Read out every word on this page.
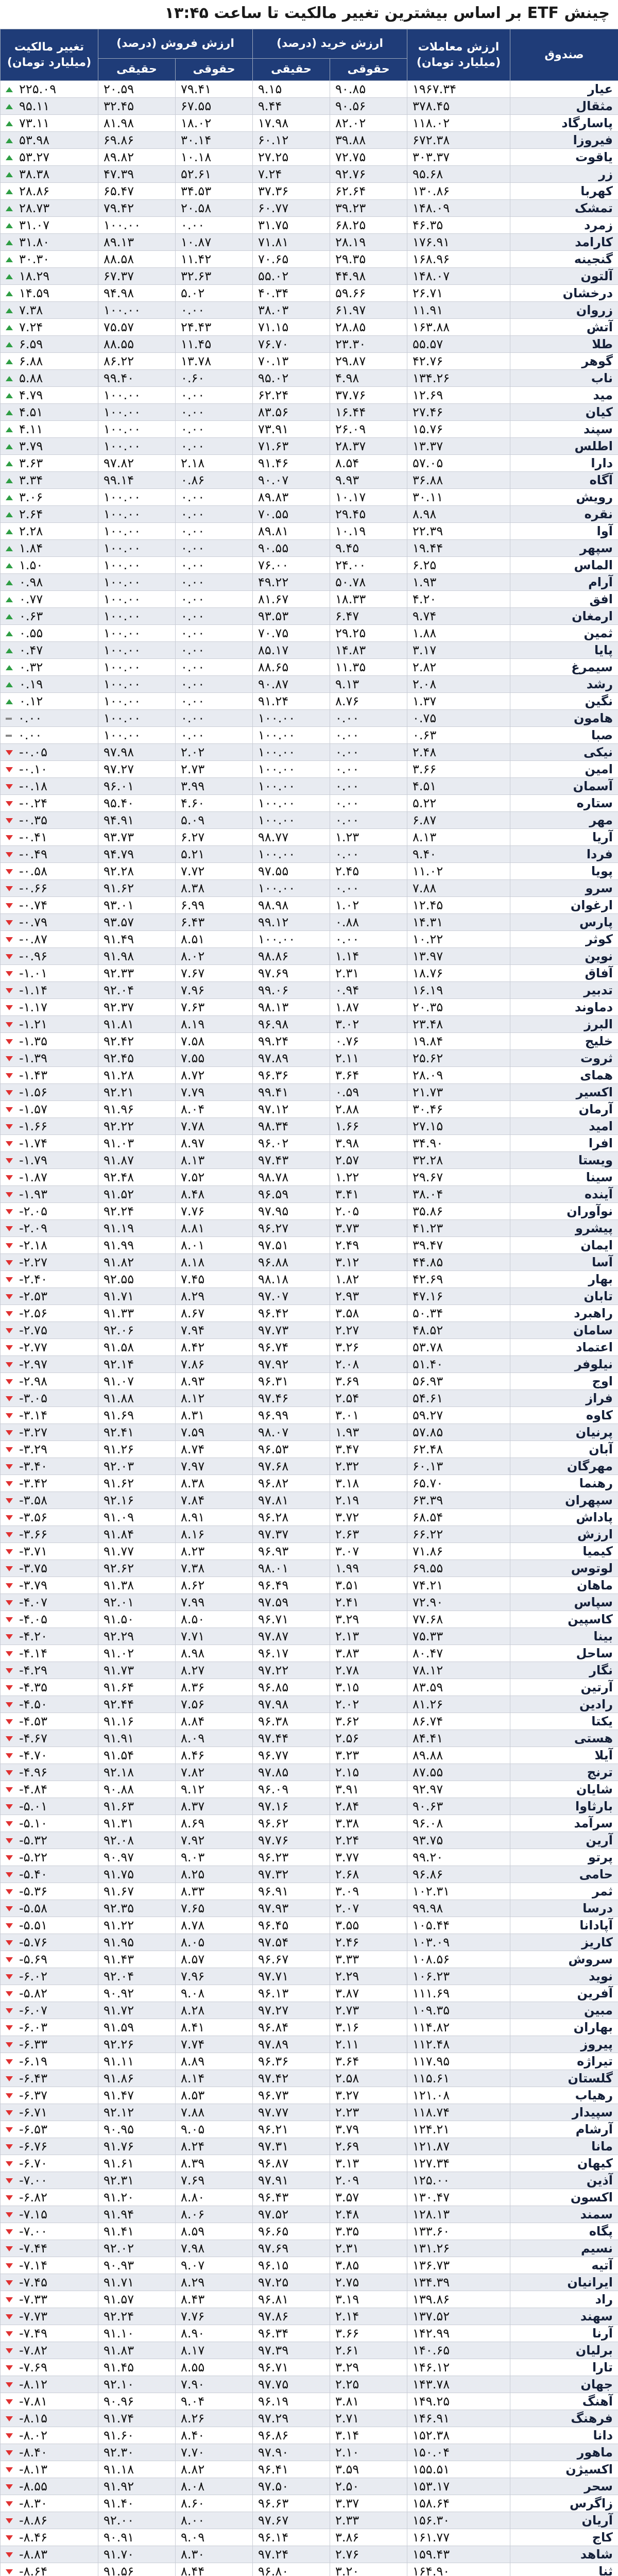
چینش ETF بر اساس بیشترین تغییر مالکیت تا ساعت ۱۳:۴۵
صندوق	ارزش معاملات (میلیارد تومان)	ارزش خرید (درصد)		ارزش فروش (درصد)		تغییر مالکیت (میلیارد تومان)
		حقوقی	حقیقی	حقوقی	حقیقی	
عیار	۱۹۶۷.۳۴	۹۰.۸۵	۹.۱۵	۷۹.۴۱	۲۰.۵۹	۲۲۵.۰۹
مثقال	۳۷۸.۴۵	۹۰.۵۶	۹.۴۴	۶۷.۵۵	۳۲.۴۵	۹۵.۱۱
پاسارگاد	۱۱۸.۰۲	۸۲.۰۲	۱۷.۹۸	۱۸.۰۲	۸۱.۹۸	۷۳.۱۱
فیروزا	۶۷۲.۳۸	۳۹.۸۸	۶۰.۱۲	۳۰.۱۴	۶۹.۸۶	۵۳.۹۸
یاقوت	۳۰۳.۳۷	۷۲.۷۵	۲۷.۲۵	۱۰.۱۸	۸۹.۸۲	۵۳.۲۷
زر	۹۵.۶۸	۹۲.۷۶	۷.۲۴	۵۲.۶۱	۴۷.۳۹	۳۸.۳۸
کهربا	۱۳۰.۸۶	۶۲.۶۴	۳۷.۳۶	۳۴.۵۳	۶۵.۴۷	۲۸.۸۶
تمشک	۱۴۸.۰۹	۳۹.۲۳	۶۰.۷۷	۲۰.۵۸	۷۹.۴۲	۲۸.۷۳
زمرد	۴۶.۳۵	۶۸.۲۵	۳۱.۷۵	۰.۰۰	۱۰۰.۰۰	۳۱.۰۷
کارامد	۱۷۶.۹۱	۲۸.۱۹	۷۱.۸۱	۱۰.۸۷	۸۹.۱۳	۳۱.۸۰
گنجینه	۱۶۸.۹۶	۲۹.۳۵	۷۰.۶۵	۱۱.۴۲	۸۸.۵۸	۳۰.۳۰
آلتون	۱۴۸.۰۷	۴۴.۹۸	۵۵.۰۲	۳۲.۶۳	۶۷.۳۷	۱۸.۲۹
درخشان	۲۶.۷۱	۵۹.۶۶	۴۰.۳۴	۵.۰۲	۹۴.۹۸	۱۴.۵۹
زروان	۱۱.۹۱	۶۱.۹۷	۳۸.۰۳	۰.۰۰	۱۰۰.۰۰	۷.۳۸
آتش	۱۶۳.۸۸	۲۸.۸۵	۷۱.۱۵	۲۴.۴۳	۷۵.۵۷	۷.۲۴
طلا	۵۵.۵۷	۲۳.۳۰	۷۶.۷۰	۱۱.۴۵	۸۸.۵۵	۶.۵۹
گوهر	۴۲.۷۶	۲۹.۸۷	۷۰.۱۳	۱۳.۷۸	۸۶.۲۲	۶.۸۸
ناب	۱۳۴.۲۶	۴.۹۸	۹۵.۰۲	۰.۶۰	۹۹.۴۰	۵.۸۸
مید	۱۲.۶۹	۳۷.۷۶	۶۲.۲۴	۰.۰۰	۱۰۰.۰۰	۴.۷۹
کیان	۲۷.۴۶	۱۶.۴۴	۸۳.۵۶	۰.۰۰	۱۰۰.۰۰	۴.۵۱
سپند	۱۵.۷۶	۲۶.۰۹	۷۳.۹۱	۰.۰۰	۱۰۰.۰۰	۴.۱۱
اطلس	۱۳.۳۷	۲۸.۳۷	۷۱.۶۳	۰.۰۰	۱۰۰.۰۰	۳.۷۹
دارا	۵۷.۰۵	۸.۵۴	۹۱.۴۶	۲.۱۸	۹۷.۸۲	۳.۶۳
آگاه	۳۶.۸۸	۹.۹۳	۹۰.۰۷	۰.۸۶	۹۹.۱۴	۳.۳۴
رویش	۳۰.۱۱	۱۰.۱۷	۸۹.۸۳	۰.۰۰	۱۰۰.۰۰	۳.۰۶
نقره	۸.۹۸	۲۹.۴۵	۷۰.۵۵	۰.۰۰	۱۰۰.۰۰	۲.۶۴
آوا	۲۲.۳۹	۱۰.۱۹	۸۹.۸۱	۰.۰۰	۱۰۰.۰۰	۲.۲۸
سپهر	۱۹.۴۴	۹.۴۵	۹۰.۵۵	۰.۰۰	۱۰۰.۰۰	۱.۸۴
الماس	۶.۲۵	۲۴.۰۰	۷۶.۰۰	۰.۰۰	۱۰۰.۰۰	۱.۵۰
آرام	۱.۹۳	۵۰.۷۸	۴۹.۲۲	۰.۰۰	۱۰۰.۰۰	۰.۹۸
افق	۴.۲۰	۱۸.۳۳	۸۱.۶۷	۰.۰۰	۱۰۰.۰۰	۰.۷۷
ارمغان	۹.۷۴	۶.۴۷	۹۳.۵۳	۰.۰۰	۱۰۰.۰۰	۰.۶۳
ثمین	۱.۸۸	۲۹.۲۵	۷۰.۷۵	۰.۰۰	۱۰۰.۰۰	۰.۵۵
پایا	۳.۱۷	۱۴.۸۳	۸۵.۱۷	۰.۰۰	۱۰۰.۰۰	۰.۴۷
سیمرغ	۲.۸۲	۱۱.۳۵	۸۸.۶۵	۰.۰۰	۱۰۰.۰۰	۰.۳۲
رشد	۲.۰۸	۹.۱۳	۹۰.۸۷	۰.۰۰	۱۰۰.۰۰	۰.۱۹
نگین	۱.۳۷	۸.۷۶	۹۱.۲۴	۰.۰۰	۱۰۰.۰۰	۰.۱۲
هامون	۰.۷۵	۰.۰۰	۱۰۰.۰۰	۰.۰۰	۱۰۰.۰۰	۰.۰۰
صبا	۰.۶۳	۰.۰۰	۱۰۰.۰۰	۰.۰۰	۱۰۰.۰۰	۰.۰۰
نیکی	۲.۴۸	۰.۰۰	۱۰۰.۰۰	۲.۰۲	۹۷.۹۸	-۰.۰۵
امین	۳.۶۶	۰.۰۰	۱۰۰.۰۰	۲.۷۳	۹۷.۲۷	-۰.۱۰
آسمان	۴.۵۱	۰.۰۰	۱۰۰.۰۰	۳.۹۹	۹۶.۰۱	-۰.۱۸
ستاره	۵.۲۲	۰.۰۰	۱۰۰.۰۰	۴.۶۰	۹۵.۴۰	-۰.۲۴
مهر	۶.۸۷	۰.۰۰	۱۰۰.۰۰	۵.۰۹	۹۴.۹۱	-۰.۳۵
آریا	۸.۱۳	۱.۲۳	۹۸.۷۷	۶.۲۷	۹۳.۷۳	-۰.۴۱
فردا	۹.۴۰	۰.۰۰	۱۰۰.۰۰	۵.۲۱	۹۴.۷۹	-۰.۴۹
پویا	۱۱.۰۲	۲.۴۵	۹۷.۵۵	۷.۷۲	۹۲.۲۸	-۰.۵۸
سرو	۷.۸۸	۰.۰۰	۱۰۰.۰۰	۸.۳۸	۹۱.۶۲	-۰.۶۶
ارغوان	۱۲.۴۵	۱.۰۲	۹۸.۹۸	۶.۹۹	۹۳.۰۱	-۰.۷۴
پارس	۱۴.۳۱	۰.۸۸	۹۹.۱۲	۶.۴۳	۹۳.۵۷	-۰.۷۹
کوثر	۱۰.۲۲	۰.۰۰	۱۰۰.۰۰	۸.۵۱	۹۱.۴۹	-۰.۸۷
نوین	۱۳.۹۷	۱.۱۴	۹۸.۸۶	۸.۰۲	۹۱.۹۸	-۰.۹۶
آفاق	۱۸.۷۶	۲.۳۱	۹۷.۶۹	۷.۶۷	۹۲.۳۳	-۱.۰۱
تدبیر	۱۶.۱۹	۰.۹۴	۹۹.۰۶	۷.۹۶	۹۲.۰۴	-۱.۱۴
دماوند	۲۰.۳۵	۱.۸۷	۹۸.۱۳	۷.۶۳	۹۲.۳۷	-۱.۱۷
البرز	۲۳.۴۸	۳.۰۲	۹۶.۹۸	۸.۱۹	۹۱.۸۱	-۱.۲۱
خلیج	۱۹.۸۴	۰.۷۶	۹۹.۲۴	۷.۵۸	۹۲.۴۲	-۱.۳۵
ثروت	۲۵.۶۲	۲.۱۱	۹۷.۸۹	۷.۵۵	۹۲.۴۵	-۱.۳۹
همای	۲۸.۰۹	۳.۶۴	۹۶.۳۶	۸.۷۲	۹۱.۲۸	-۱.۴۳
اکسیر	۲۱.۷۳	۰.۵۹	۹۹.۴۱	۷.۷۹	۹۲.۲۱	-۱.۵۶
آرمان	۳۰.۴۶	۲.۸۸	۹۷.۱۲	۸.۰۴	۹۱.۹۶	-۱.۵۷
امید	۲۷.۱۵	۱.۶۶	۹۸.۳۴	۷.۷۸	۹۲.۲۲	-۱.۶۶
افرا	۳۴.۹۰	۳.۹۸	۹۶.۰۲	۸.۹۷	۹۱.۰۳	-۱.۷۴
ویستا	۳۲.۲۸	۲.۵۷	۹۷.۴۳	۸.۱۳	۹۱.۸۷	-۱.۷۹
سینا	۲۹.۶۷	۱.۲۲	۹۸.۷۸	۷.۵۲	۹۲.۴۸	-۱.۸۷
آینده	۳۸.۰۴	۳.۴۱	۹۶.۵۹	۸.۴۸	۹۱.۵۲	-۱.۹۳
نوآوران	۳۵.۸۶	۲.۰۵	۹۷.۹۵	۷.۷۶	۹۲.۲۴	-۲.۰۵
پیشرو	۴۱.۲۳	۳.۷۳	۹۶.۲۷	۸.۸۱	۹۱.۱۹	-۲.۰۹
ایمان	۳۹.۴۷	۲.۴۹	۹۷.۵۱	۸.۰۱	۹۱.۹۹	-۲.۱۸
آسا	۴۴.۸۵	۳.۱۲	۹۶.۸۸	۸.۱۸	۹۱.۸۲	-۲.۲۷
بهار	۴۲.۶۹	۱.۸۲	۹۸.۱۸	۷.۴۵	۹۲.۵۵	-۲.۴۰
تابان	۴۷.۱۶	۲.۹۳	۹۷.۰۷	۸.۲۹	۹۱.۷۱	-۲.۵۳
راهبرد	۵۰.۳۴	۳.۵۸	۹۶.۴۲	۸.۶۷	۹۱.۳۳	-۲.۵۶
سامان	۴۸.۵۲	۲.۲۷	۹۷.۷۳	۷.۹۴	۹۲.۰۶	-۲.۷۵
اعتماد	۵۳.۷۸	۳.۲۶	۹۶.۷۴	۸.۴۲	۹۱.۵۸	-۲.۷۷
نیلوفر	۵۱.۴۰	۲.۰۸	۹۷.۹۲	۷.۸۶	۹۲.۱۴	-۲.۹۷
اوج	۵۶.۹۳	۳.۶۹	۹۶.۳۱	۸.۹۳	۹۱.۰۷	-۲.۹۸
فراز	۵۴.۶۱	۲.۵۴	۹۷.۴۶	۸.۱۲	۹۱.۸۸	-۳.۰۵
کاوه	۵۹.۲۷	۳.۰۱	۹۶.۹۹	۸.۳۱	۹۱.۶۹	-۳.۱۴
پرنیان	۵۷.۸۵	۱.۹۳	۹۸.۰۷	۷.۵۹	۹۲.۴۱	-۳.۲۷
آبان	۶۲.۴۸	۳.۴۷	۹۶.۵۳	۸.۷۴	۹۱.۲۶	-۳.۲۹
مهرگان	۶۰.۱۳	۲.۳۲	۹۷.۶۸	۷.۹۷	۹۲.۰۳	-۳.۴۰
رهنما	۶۵.۷۰	۳.۱۸	۹۶.۸۲	۸.۳۸	۹۱.۶۲	-۳.۴۲
سپهران	۶۳.۳۹	۲.۱۹	۹۷.۸۱	۷.۸۴	۹۲.۱۶	-۳.۵۸
پاداش	۶۸.۵۴	۳.۷۲	۹۶.۲۸	۸.۹۱	۹۱.۰۹	-۳.۵۶
ارزش	۶۶.۲۲	۲.۶۳	۹۷.۳۷	۸.۱۶	۹۱.۸۴	-۳.۶۶
کیمیا	۷۱.۸۶	۳.۰۷	۹۶.۹۳	۸.۲۳	۹۱.۷۷	-۳.۷۱
لوتوس	۶۹.۵۵	۱.۹۹	۹۸.۰۱	۷.۳۸	۹۲.۶۲	-۳.۷۵
ماهان	۷۴.۲۱	۳.۵۱	۹۶.۴۹	۸.۶۲	۹۱.۳۸	-۳.۷۹
سپاس	۷۲.۹۰	۲.۴۱	۹۷.۵۹	۷.۹۹	۹۲.۰۱	-۴.۰۷
کاسپین	۷۷.۶۸	۳.۲۹	۹۶.۷۱	۸.۵۰	۹۱.۵۰	-۴.۰۵
بینا	۷۵.۳۳	۲.۱۳	۹۷.۸۷	۷.۷۱	۹۲.۲۹	-۴.۲۰
ساحل	۸۰.۴۷	۳.۸۳	۹۶.۱۷	۸.۹۸	۹۱.۰۲	-۴.۱۴
نگار	۷۸.۱۲	۲.۷۸	۹۷.۲۲	۸.۲۷	۹۱.۷۳	-۴.۲۹
آرتین	۸۳.۵۹	۳.۱۵	۹۶.۸۵	۸.۳۶	۹۱.۶۴	-۴.۳۵
رادین	۸۱.۲۶	۲.۰۲	۹۷.۹۸	۷.۵۶	۹۲.۴۴	-۴.۵۰
یکتا	۸۶.۷۴	۳.۶۲	۹۶.۳۸	۸.۸۴	۹۱.۱۶	-۴.۵۳
هستی	۸۴.۴۱	۲.۵۶	۹۷.۴۴	۸.۰۹	۹۱.۹۱	-۴.۶۷
آیلا	۸۹.۸۸	۳.۲۳	۹۶.۷۷	۸.۴۶	۹۱.۵۴	-۴.۷۰
ترنج	۸۷.۵۵	۲.۱۵	۹۷.۸۵	۷.۸۲	۹۲.۱۸	-۴.۹۶
شایان	۹۲.۹۷	۳.۹۱	۹۶.۰۹	۹.۱۲	۹۰.۸۸	-۴.۸۴
بارثاوا	۹۰.۶۳	۲.۸۴	۹۷.۱۶	۸.۳۷	۹۱.۶۳	-۵.۰۱
سرآمد	۹۶.۰۸	۳.۳۸	۹۶.۶۲	۸.۶۹	۹۱.۳۱	-۵.۱۰
آرین	۹۳.۷۵	۲.۲۴	۹۷.۷۶	۷.۹۲	۹۲.۰۸	-۵.۳۲
پرتو	۹۹.۲۰	۳.۷۷	۹۶.۲۳	۹.۰۳	۹۰.۹۷	-۵.۲۲
حامی	۹۶.۸۶	۲.۶۸	۹۷.۳۲	۸.۲۵	۹۱.۷۵	-۵.۴۰
ثمر	۱۰۲.۳۱	۳.۰۹	۹۶.۹۱	۸.۳۳	۹۱.۶۷	-۵.۳۶
درسا	۹۹.۹۸	۲.۰۷	۹۷.۹۳	۷.۶۵	۹۲.۳۵	-۵.۵۸
آپادانا	۱۰۵.۴۴	۳.۵۵	۹۶.۴۵	۸.۷۸	۹۱.۲۲	-۵.۵۱
کاریز	۱۰۳.۰۹	۲.۴۶	۹۷.۵۴	۸.۰۵	۹۱.۹۵	-۵.۷۶
سروش	۱۰۸.۵۶	۳.۳۳	۹۶.۶۷	۸.۵۷	۹۱.۴۳	-۵.۶۹
نوید	۱۰۶.۲۳	۲.۲۹	۹۷.۷۱	۷.۹۶	۹۲.۰۴	-۶.۰۲
آفرین	۱۱۱.۶۹	۳.۸۷	۹۶.۱۳	۹.۰۸	۹۰.۹۲	-۵.۸۲
مبین	۱۰۹.۳۵	۲.۷۳	۹۷.۲۷	۸.۲۸	۹۱.۷۲	-۶.۰۷
بهاران	۱۱۴.۸۲	۳.۱۶	۹۶.۸۴	۸.۴۱	۹۱.۵۹	-۶.۰۳
پیروز	۱۱۲.۴۸	۲.۱۱	۹۷.۸۹	۷.۷۴	۹۲.۲۶	-۶.۳۳
تیراژه	۱۱۷.۹۵	۳.۶۴	۹۶.۳۶	۸.۸۹	۹۱.۱۱	-۶.۱۹
گلستان	۱۱۵.۶۱	۲.۵۸	۹۷.۴۲	۸.۱۴	۹۱.۸۶	-۶.۴۳
رهیاب	۱۲۱.۰۸	۳.۲۷	۹۶.۷۳	۸.۵۳	۹۱.۴۷	-۶.۳۷
سپیدار	۱۱۸.۷۴	۲.۲۳	۹۷.۷۷	۷.۸۸	۹۲.۱۲	-۶.۷۱
آرشام	۱۲۴.۲۱	۳.۷۹	۹۶.۲۱	۹.۰۵	۹۰.۹۵	-۶.۵۳
مانا	۱۲۱.۸۷	۲.۶۹	۹۷.۳۱	۸.۲۴	۹۱.۷۶	-۶.۷۶
کیهان	۱۲۷.۳۴	۳.۱۳	۹۶.۸۷	۸.۳۹	۹۱.۶۱	-۶.۷۰
آذین	۱۲۵.۰۰	۲.۰۹	۹۷.۹۱	۷.۶۹	۹۲.۳۱	-۷.۰۰
اکسون	۱۳۰.۴۷	۳.۵۷	۹۶.۴۳	۸.۸۰	۹۱.۲۰	-۶.۸۲
سمند	۱۲۸.۱۳	۲.۴۸	۹۷.۵۲	۸.۰۶	۹۱.۹۴	-۷.۱۵
پگاه	۱۳۳.۶۰	۳.۳۵	۹۶.۶۵	۸.۵۹	۹۱.۴۱	-۷.۰۰
نسیم	۱۳۱.۲۶	۲.۳۱	۹۷.۶۹	۷.۹۸	۹۲.۰۲	-۷.۴۴
آتیه	۱۳۶.۷۳	۳.۸۵	۹۶.۱۵	۹.۰۷	۹۰.۹۳	-۷.۱۴
ایرانیان	۱۳۴.۳۹	۲.۷۵	۹۷.۲۵	۸.۲۹	۹۱.۷۱	-۷.۴۵
راد	۱۳۹.۸۶	۳.۱۹	۹۶.۸۱	۸.۴۳	۹۱.۵۷	-۷.۳۳
سهند	۱۳۷.۵۲	۲.۱۴	۹۷.۸۶	۷.۷۶	۹۲.۲۴	-۷.۷۳
آرنا	۱۴۲.۹۹	۳.۶۶	۹۶.۳۴	۸.۹۰	۹۱.۱۰	-۷.۴۹
برلیان	۱۴۰.۶۵	۲.۶۱	۹۷.۳۹	۸.۱۷	۹۱.۸۳	-۷.۸۲
تارا	۱۴۶.۱۲	۳.۲۹	۹۶.۷۱	۸.۵۵	۹۱.۴۵	-۷.۶۹
جهان	۱۴۳.۷۸	۲.۲۵	۹۷.۷۵	۷.۹۰	۹۲.۱۰	-۸.۱۲
آهنگ	۱۴۹.۲۵	۳.۸۱	۹۶.۱۹	۹.۰۴	۹۰.۹۶	-۷.۸۱
فرهنگ	۱۴۶.۹۱	۲.۷۱	۹۷.۲۹	۸.۲۶	۹۱.۷۴	-۸.۱۵
دانا	۱۵۲.۳۸	۳.۱۴	۹۶.۸۶	۸.۴۰	۹۱.۶۰	-۸.۰۲
ماهور	۱۵۰.۰۴	۲.۱۰	۹۷.۹۰	۷.۷۰	۹۲.۳۰	-۸.۴۰
اکسیژن	۱۵۵.۵۱	۳.۵۹	۹۶.۴۱	۸.۸۲	۹۱.۱۸	-۸.۱۳
سحر	۱۵۳.۱۷	۲.۵۰	۹۷.۵۰	۸.۰۸	۹۱.۹۲	-۸.۵۵
زاگرس	۱۵۸.۶۴	۳.۳۷	۹۶.۶۳	۸.۶۰	۹۱.۴۰	-۸.۳۰
آریان	۱۵۶.۳۰	۲.۳۳	۹۷.۶۷	۸.۰۰	۹۲.۰۰	-۸.۸۶
کاج	۱۶۱.۷۷	۳.۸۶	۹۶.۱۴	۹.۰۹	۹۰.۹۱	-۸.۴۶
شاهد	۱۵۹.۴۳	۲.۷۶	۹۷.۲۴	۸.۳۰	۹۱.۷۰	-۸.۸۳
ثنا	۱۶۴.۹۰	۳.۲۰	۹۶.۸۰	۸.۴۴	۹۱.۵۶	-۸.۶۴
